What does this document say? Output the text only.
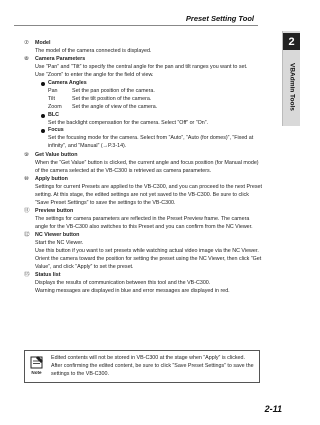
Preset Setting Tool
2
VBAdmin Tools
⑦	Model
The model of the camera connected is displayed.
⑧	Camera Parameters
Use “Pan” and “Tilt” to specify the central angle for the pan and tilt ranges you want to set.
Use “Zoom” to enter the angle for the field of view.
Camera Angles
Pan	Set the pan position of the camera.
Tilt	Set the tilt position of the camera.
Zoom	Set the angle of view of the camera.
BLC
Set the backlight compensation for the camera. Select “Off” or “On”.
Focus
Set the focusing mode for the camera. Select from “Auto”, “Auto (for domes)”, “Fixed at infinity”, and “Manual” (→P.3-14).
⑨	Get Value button
When the “Get Value” button is clicked, the current angle and focus position (for Manual mode) of the camera selected at the VB-C300 is retrieved as camera parameters.
⑩	Apply button
Settings for current Presets are applied to the VB-C300, and you can proceed to the next Preset setting. At this stage, the edited settings are not yet saved to the VB-C300. Be sure to click “Save Preset Settings” to save the settings to the VB-C300.
⑪	Preview button
The settings for camera parameters are reflected in the Preset Preview frame. The camera angle for the VB-C300 also switches to this Preset and you can confirm from the NC Viewer.
⑫	NC Viewer button
Start the NC Viewer.
Use this button if you want to set presets while watching actual video image via the NC Viewer. Orient the camera toward the position for setting the preset using the NC Viewer, then click “Get Value”, and click “Apply” to set the preset.
⑬	Status list
Displays the results of communication between this tool and the VB-C300.
Warning messages are displayed in blue and error messages are displayed in red.
Note
Edited contents will not be stored in VB-C300 at the stage when “Apply” is clicked. After confirming the edited content, be sure to click “Save Preset Settings” to save the settings to the VB-C300.
2-11
